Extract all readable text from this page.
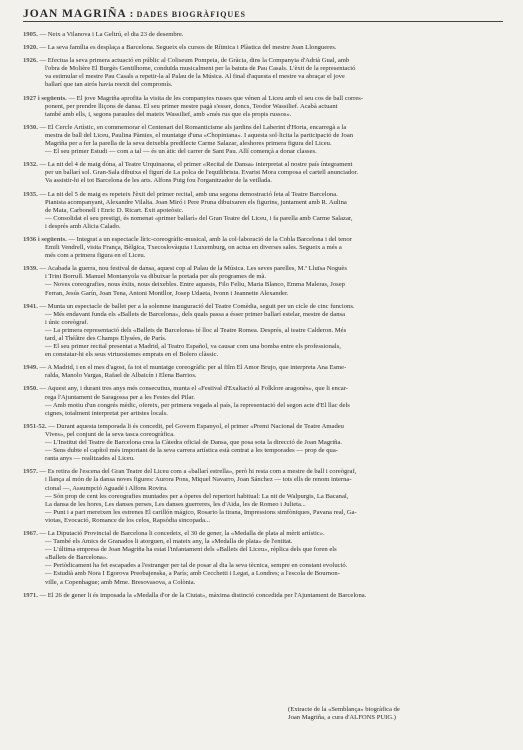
JOAN MAGRIÑA : DADES BIOGRÀFIQUES
1905. — Neix a Vilanova i La Geltrú, el dia 23 de desembre.
1920. — La seva família es desplaça a Barcelona. Segueix els cursos de Rítmica i Plàstica del mestre Joan Llongueres.
1926. — Efectua la seva primera actuació en públic al Coliseum Pompeia, de Gràcia, dins la Companyia d'Adrià Gual, amb
l'obra de Molière El Burgès Gentilhome, conduïda musicalment per la batuta de Pau Casals. L'èxit de la representació
va estimular el mestre Pau Casals a repetir-la al Palau de la Música. Al final d'aquesta el mestre va abraçar el jove
ballarí que tan airós havia reexit del compromís.
1927 i següents. — El jove Magriña aprofita la visita de les companyies russes que vénen al Liceu amb el seu cos de ball corres-
ponent, per prendre lliçons de dansa. El seu primer mestre pagà s'esser, doncs, Teodor Wassilief. Acabà actuant
també amb ells, i, segons paraules del mateix Wassilief, amb «més rus que els propis russos».
1930. — El Cercle Artístic, en commemorar el Centenari del Romanticisme als jardins del Laberint d'Horta, encarregà a la
mestra de ball del Liceu, Paulina Pàmies, el muntatge d'una «Chopiniana». I aquesta sol·licita la participació de Joan
Magriña per a fer la parella de la seva deixebla predilecte Carme Salazar, aleshores primera figura del Liceu.
— El seu primer Estudi — com a tal — és un àtic del carrer de Sant Pau. Allí començà a donar classes.
1932. — La nit del 4 de maig dóna, al Teatre Urquinaona, el primer «Recital de Dansa» interpretat al nostre país íntegrament
per un ballarí sol. Gran-Sala dibuixa el figurí de La polca de l'equilibrista. Evarist Mora composa el cartell anunciador.
Va assistir-hi el tot Barcelona de les arts. Alfons Puig fou l'organitzador de la vetllada.
1935. — La nit del 5 de maig es repeteix l'èxit del primer recital, amb una segona demostració feta al Teatre Barcelona.
Pianista acompanyant, Alexandre Vilalta. Joan Miró i Pere Pruna dibuixaren els figurins, juntament amb R. Aulina
de Mata, Carbonell i Enric D. Ricart. Èxit apoteòsic.
— Consolidat el seu prestigi, és nomenat «primer ballarí» del Gran Teatre del Liceu, i fa parella amb Carme Salazar,
i després amb Alicia Calado.
1936 i següents. — Integrat a un espectacle líric-coreogràfic-musical, amb la col·laboració de la Cobla Barcelona i del tenor
Emili Vendrell, visita França, Bèlgica, Txecoslovàquia i Luxemburg, on actua en diverses sales. Segueix a més a
més com a primera figura en el Liceu.
1939. — Acabada la guerra, nou festival de dansa, aquest cop al Palau de la Música. Les seves parelles, M.ª Lluïsa Noguès
i Trini Borrull. Manuel Montanyola va dibuixar la portada per als programes de mà.
— Noves coreografies, nous èxits, nous deixebles. Entre aquests, Filo Feliu, Maria Blanco, Emma Maleras, Josep
Ferran, Jesús Garín, Joan Tena, Antoni Montllor, Josep Udaeta, Ivonn i Jeannette Alexander.
1941. — Munta un espectacle de ballet per a la solemne inauguració del Teatre Comèdia, seguit per un cicle de cinc funcions.
— Més endavant funda els «Ballets de Barcelona», dels quals passa a ésser primer ballarí estelar, mestre de dansa
i únic coreògraf.
— La primera representació dels «Ballets de Barcelona» té lloc al Teatre Romea. Després, al teatre Calderon. Més
tard, al Théâtre des Champs Elysées, de París.
— El seu primer recital presentat a Madrid, al Teatro Español, va causar com una bomba entre els professionals,
en constatar-hi els seus virtuosismes emprats en el Bolero clàssic.
1949. — A Madrid, i en el mes d'agost, fa tot el muntatge coreogràfic per al film El Amor Brujo, que interpreta Ana Esme-
ralda, Manolo Vargas, Rafael de Albaicín i Elena Barrios.
1950. — Aquest any, i durant tres anys més consecutius, munta el «Festival d'Exaltació al Folklore aragonès», que li encar-
rega l'Ajuntament de Saragossa per a les Festes del Pilar.
— Amb motiu d'un congrés mèdic, ofereix, per primera vegada al país, la representació del segon acte d'El llac dels
cignes, totalment interpretat per artistes locals.
1951-52. — Durant aquesta temporada li és concedit, pel Govern Espanyol, el primer «Premi Nacional de Teatre Amadeu
Vives», pel conjunt de la seva tasca coreogràfica.
— L'Institut del Teatre de Barcelona crea la Càtedra oficial de Dansa, que posa sota la direcció de Joan Magriña.
— Sens dubte el capítol més important de la seva carrera artística està centrat a les temporades — prop de qua-
ranta anys — realitzades al Liceu.
1957. — Es retira de l'escena del Gran Teatre del Liceu com a «ballarí estrella», però hi resta com a mestre de ball i coreògraf,
i llança al món de la dansa noves figures: Aurora Pons, Miquel Navarro, Joan Sánchez — tots ells de renom interna-
cional —, Assumpció Aguadé i Alfons Rovira.
— Són prop de cent les coreografies muntades per a òperes del repertori habitual: La nit de Walpurgis, La Bacanal,
La dansa de les hores, Les danses perses, Les danses guerreres, les d'Aida, les de Romeo i Julieta...
— Punt i a part mereixen les estrenes El carillón mágico, Rosario la tirana, Impressions simfòniques, Pavana real, Ga-
viotas, Evocació, Romance de los celos, Rapsòdia sincopada...
1967. — La Diputació Provincial de Barcelona li concedeix, el 30 de gener, la «Medalla de plata al mèrit artístic».
— També els Amics de Granados li atorguen, el mateix any, la «Medalla de plata» de l'entitat.
— L'última empresa de Joan Magriña ha estat l'infantament dels «Ballets del Liceu», rèplica dels que foren els
«Ballets de Barcelona».
— Periòdicament ha fet escapades a l'estranger per tal de posar al dia la seva tècnica, sempre en constant evolució.
— Estudià amb Nora I Egorova Preobajenska, a París; amb Cecchetti i Legat, a Londres; a l'escola de Bournon-
ville, a Copenhague; amb Mme. Bresovasova, a Colònia.
1971. — El 26 de gener li és imposada la «Medalla d'or de la Ciutat», màxima distinció concedida per l'Ajuntament de Barcelona.
(Extracte de la «Semblança» biogràfica de
Joan Magriña, a cura d'ALFONS PUIG.)
